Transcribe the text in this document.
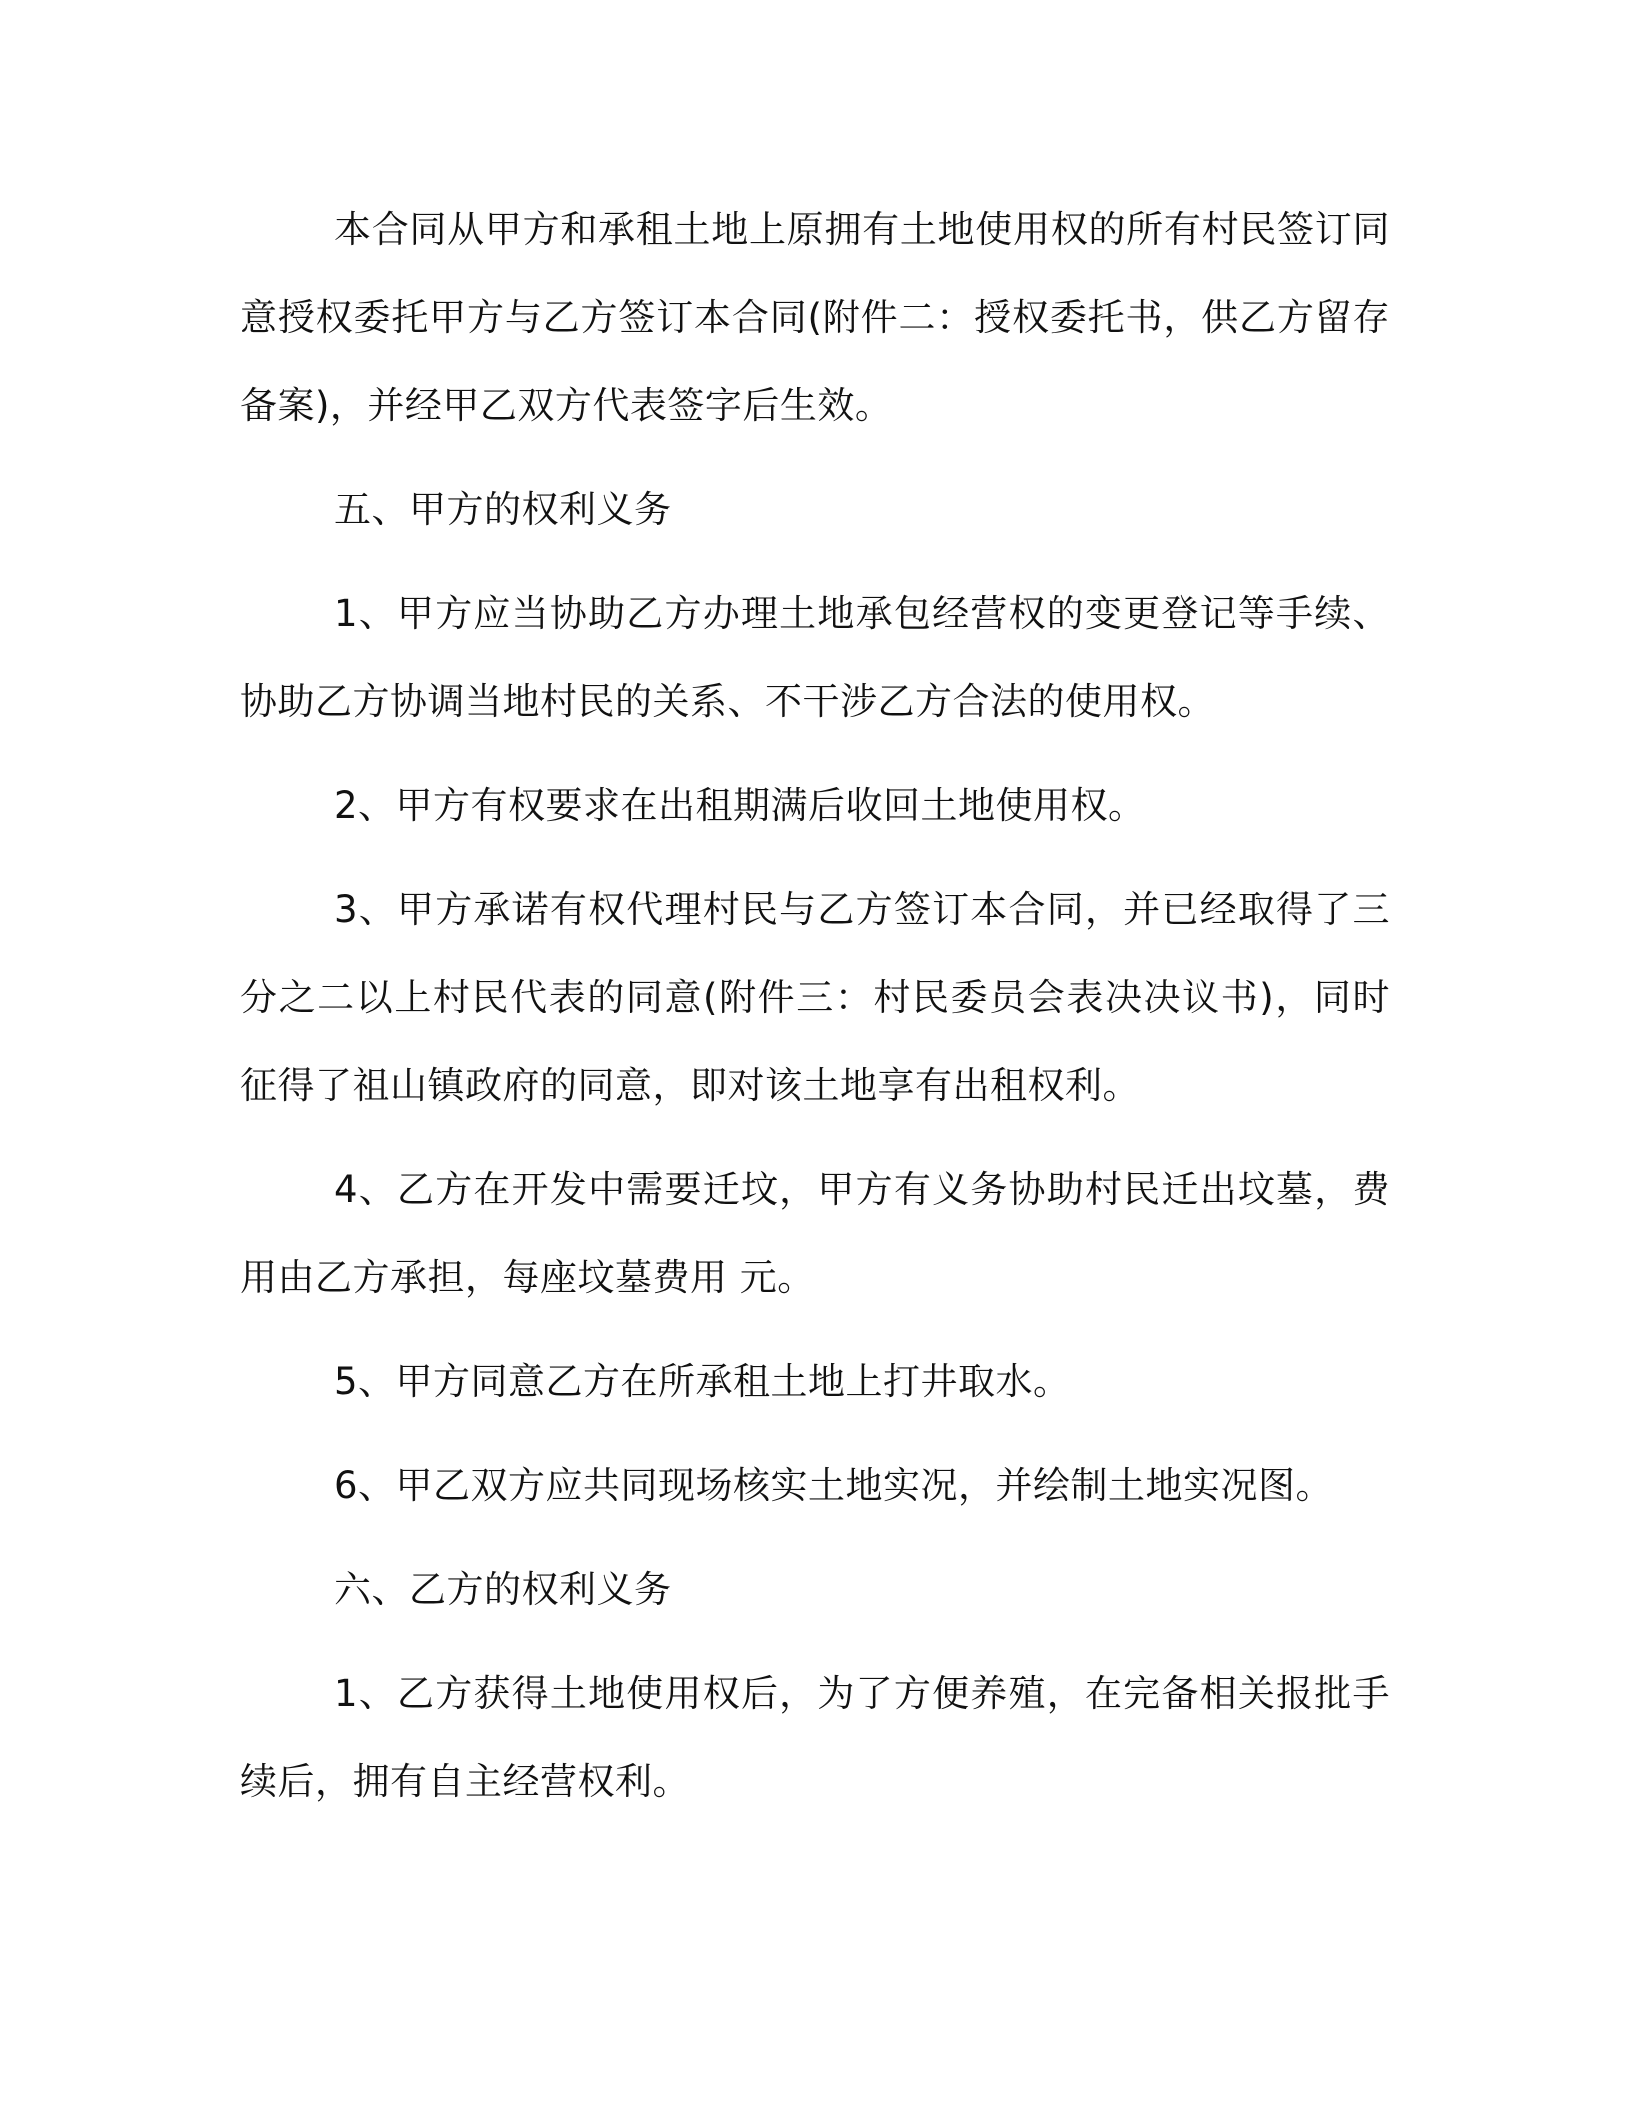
本合同从甲方和承租土地上原拥有土地使用权的所有村民签订同意授权委托甲方与乙方签订本合同(附件二：授权委托书，供乙方留存备案)，并经甲乙双方代表签字后生效。

五、甲方的权利义务

1、甲方应当协助乙方办理土地承包经营权的变更登记等手续、协助乙方协调当地村民的关系、不干涉乙方合法的使用权。

2、甲方有权要求在出租期满后收回土地使用权。

3、甲方承诺有权代理村民与乙方签订本合同，并已经取得了三分之二以上村民代表的同意(附件三：村民委员会表决决议书)，同时征得了祖山镇政府的同意，即对该土地享有出租权利。

4、乙方在开发中需要迁坟，甲方有义务协助村民迁出坟墓，费用由乙方承担，每座坟墓费用 元。

5、甲方同意乙方在所承租土地上打井取水。

6、甲乙双方应共同现场核实土地实况，并绘制土地实况图。

六、乙方的权利义务

1、乙方获得土地使用权后，为了方便养殖，在完备相关报批手续后，拥有自主经营权利。
